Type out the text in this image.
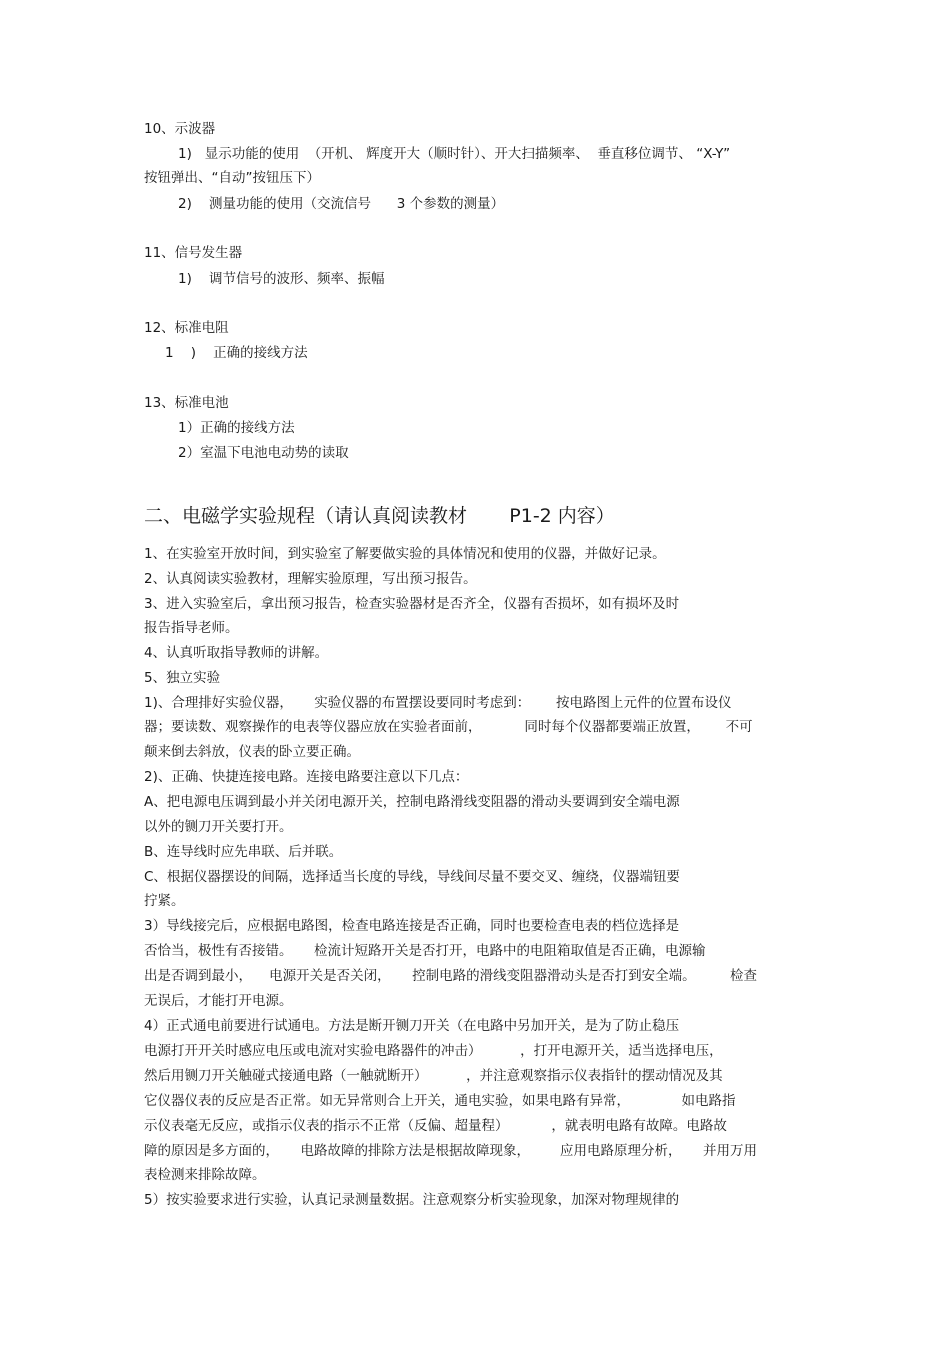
10、示波器
1)   显示功能的使用  （开机、 辉度开大（顺时针）、开大扫描频率、  垂直移位调节、 “X-Y”
按钮弹出、“自动”按钮压下）
2)    测量功能的使用（交流信号      3 个参数的测量）
11、信号发生器
1)    调节信号的波形、频率、振幅
12、标准电阻
1    )    正确的接线方法
13、标准电池
1）正确的接线方法
2）室温下电池电动势的读取
二、电磁学实验规程（请认真阅读教材       P1-2 内容）
1、在实验室开放时间，到实验室了解要做实验的具体情况和使用的仪器，并做好记录。
2、认真阅读实验教材，理解实验原理，写出预习报告。
3、进入实验室后，拿出预习报告，检查实验器材是否齐全，仪器有否损坏，如有损坏及时
报告指导老师。
4、认真听取指导教师的讲解。
5、独立实验
1)、合理排好实验仪器，     实验仪器的布置摆设要同时考虑到：      按电路图上元件的位置布设仪
器；要读数、观察操作的电表等仪器应放在实验者面前，          同时每个仪器都要端正放置，      不可
颠来倒去斜放，仪表的卧立要正确。
2)、正确、快捷连接电路。连接电路要注意以下几点：
A、把电源电压调到最小并关闭电源开关，控制电路滑线变阻器的滑动头要调到安全端电源
以外的铡刀开关要打开。
B、连导线时应先串联、后并联。
C、根据仪器摆设的间隔，选择适当长度的导线，导线间尽量不要交叉、缠绕，仪器端钮要
拧紧。
3）导线接完后，应根据电路图，检查电路连接是否正确，同时也要检查电表的档位选择是
否恰当，极性有否接错。     检流计短路开关是否打开，电路中的电阻箱取值是否正确，电源输
出是否调到最小，    电源开关是否关闭，     控制电路的滑线变阻器滑动头是否打到安全端。        检查
无误后，才能打开电源。
4）正式通电前要进行试通电。方法是断开铡刀开关（在电路中另加开关，是为了防止稳压
电源打开开关时感应电压或电流对实验电路器件的冲击）         ，打开电源开关，适当选择电压，
然后用铡刀开关触碰式接通电路（一触就断开）         ，并注意观察指示仪表指针的摆动情况及其
它仪器仪表的反应是否正常。如无异常则合上开关，通电实验，如果电路有异常，            如电路指
示仪表毫无反应，或指示仪表的指示不正常（反偏、超量程）          ，就表明电路有故障。电路故
障的原因是多方面的，     电路故障的排除方法是根据故障现象，       应用电路原理分析，     并用万用
表检测来排除故障。
5）按实验要求进行实验，认真记录测量数据。注意观察分析实验现象，加深对物理规律的
